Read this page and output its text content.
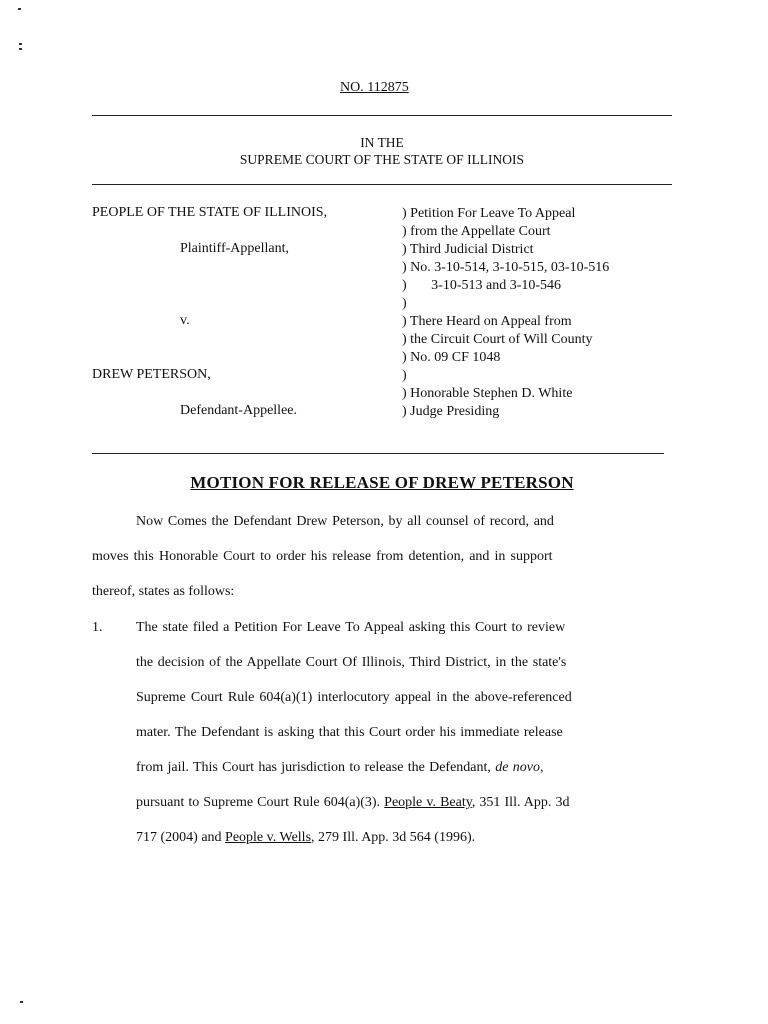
NO. 112875
IN THE
SUPREME COURT OF THE STATE OF ILLINOIS
PEOPLE OF THE STATE OF ILLINOIS,
Plaintiff-Appellant,
v.
DREW PETERSON,
Defendant-Appellee.
) Petition For Leave To Appeal
) from the Appellate Court
) Third Judicial District
) No. 3-10-514, 3-10-515, 03-10-516
)       3-10-513 and 3-10-546
)
) There Heard on Appeal from
) the Circuit Court of Will County
) No. 09 CF 1048
)
) Honorable Stephen D. White
) Judge Presiding
MOTION FOR RELEASE OF DREW PETERSON
Now Comes the Defendant Drew Peterson, by all counsel of record, and
moves this Honorable Court to order his release from detention, and in support
thereof, states as follows:
1. The state filed a Petition For Leave To Appeal asking this Court to review
the decision of the Appellate Court Of Illinois, Third District, in the state's
Supreme Court Rule 604(a)(1) interlocutory appeal in the above-referenced
mater. The Defendant is asking that this Court order his immediate release
from jail. This Court has jurisdiction to release the Defendant, de novo,
pursuant to Supreme Court Rule 604(a)(3). People v. Beaty, 351 Ill. App. 3d
717 (2004) and People v. Wells, 279 Ill. App. 3d 564 (1996).
